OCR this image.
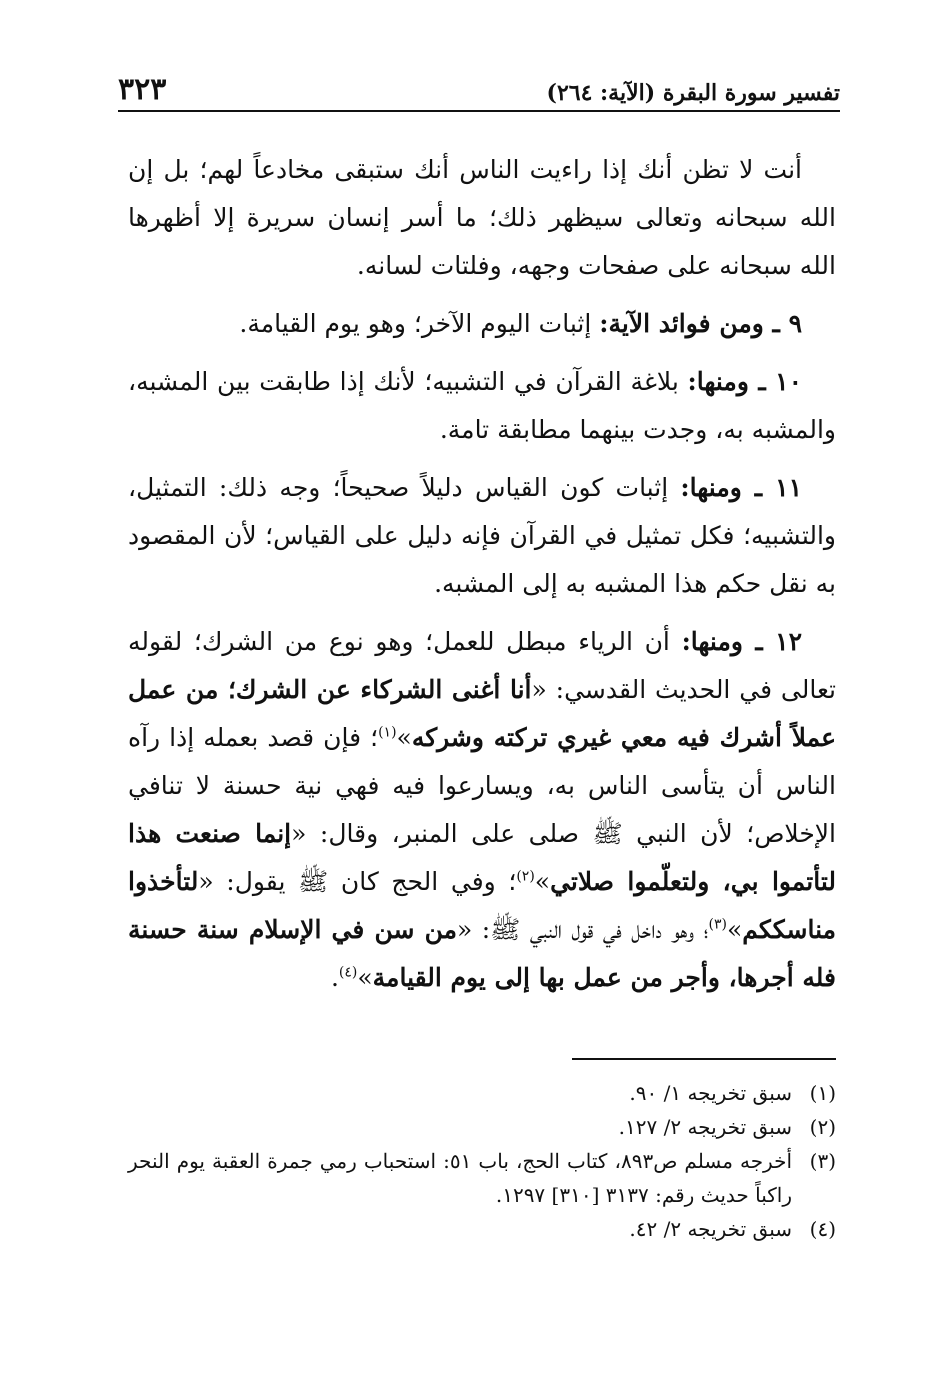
تفسير سورة البقرة (الآية: ٢٦٤)
٣٢٣
أنت لا تظن أنك إذا راءيت الناس أنك ستبقى مخادعاً لهم؛ بل إن الله سبحانه وتعالى سيظهر ذلك؛ ما أسر إنسان سريرة إلا أظهرها الله سبحانه على صفحات وجهه، وفلتات لسانه.
٩ ـ ومن فوائد الآية: إثبات اليوم الآخر؛ وهو يوم القيامة.
١٠ ـ ومنها: بلاغة القرآن في التشبيه؛ لأنك إذا طابقت بين المشبه، والمشبه به، وجدت بينهما مطابقة تامة.
١١ ـ ومنها: إثبات كون القياس دليلاً صحيحاً؛ وجه ذلك: التمثيل، والتشبيه؛ فكل تمثيل في القرآن فإنه دليل على القياس؛ لأن المقصود به نقل حكم هذا المشبه به إلى المشبه.
١٢ ـ ومنها: أن الرياء مبطل للعمل؛ وهو نوع من الشرك؛ لقوله تعالى في الحديث القدسي: «أنا أغنى الشركاء عن الشرك؛ من عمل عملاً أشرك فيه معي غيري تركته وشركه»$^{(١)}$؛ فإن قصد بعمله إذا رآه الناس أن يتأسى الناس به، ويسارعوا فيه فهي نية حسنة لا تنافي الإخلاص؛ لأن النبي ﷺ صلى على المنبر، وقال: «إنما صنعت هذا لتأتموا بي، ولتعلّموا صلاتي»$^{(٢)}$؛ وفي الحج كان ﷺ يقول: «لتأخذوا مناسككم»$^{(٣)}$؛ وهو داخل في قول النبي ﷺ: «من سن في الإسلام سنة حسنة فله أجرها، وأجر من عمل بها إلى يوم القيامة»$^{(٤)}$.
(١)
سبق تخريجه ١/ ٩٠.
(٢)
سبق تخريجه ٢/ ١٢٧.
(٣)
أخرجه مسلم ص٨٩٣، كتاب الحج، باب ٥١: استحباب رمي جمرة العقبة يوم النحر راكباً حديث رقم: ٣١٣٧ [٣١٠] ١٢٩٧.
(٤)
سبق تخريجه ٢/ ٤٢.
